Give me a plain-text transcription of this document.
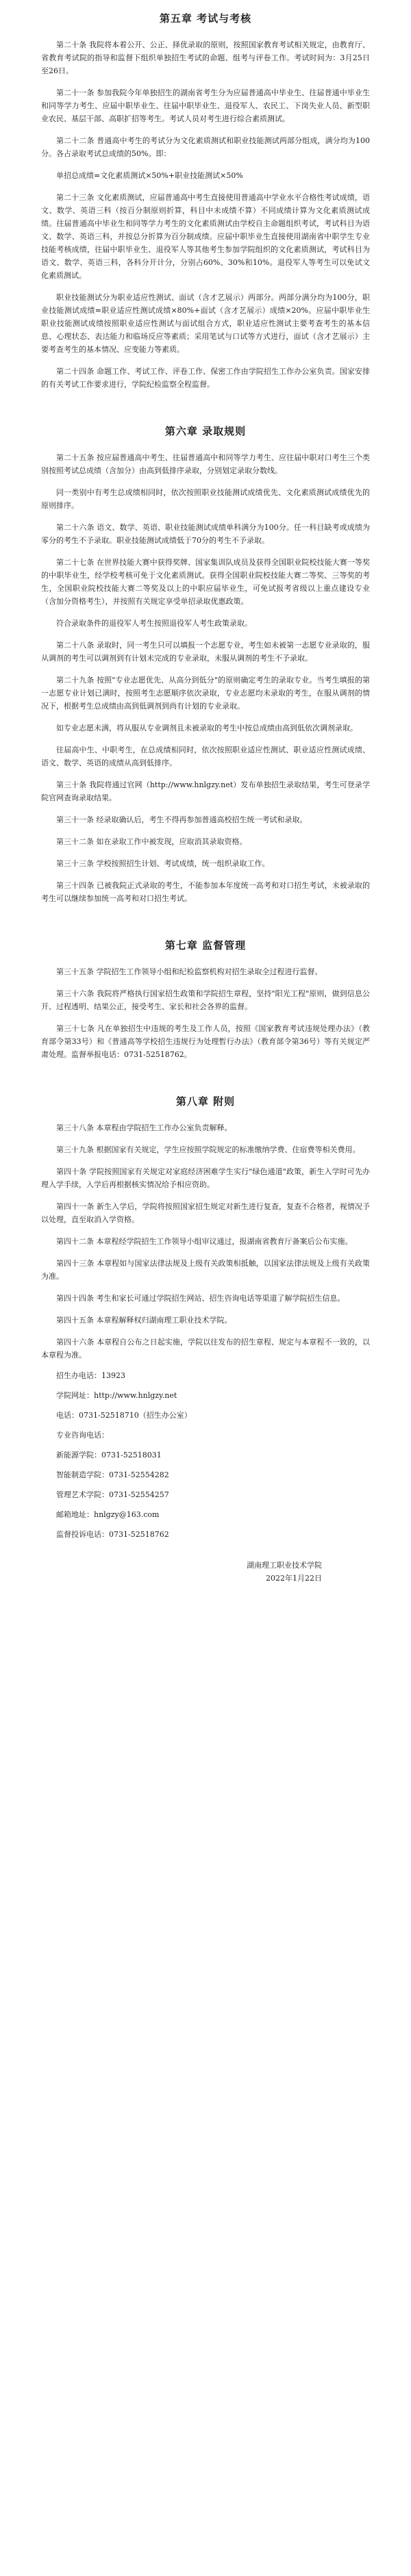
第五章 考试与考核

第二十条 我院将本着公开、公正、择优录取的原则，按照国家教育考试相关规定，由教育厅、省教育考试院的指导和监督下组织单独招生考试的命题、组考与评卷工作。考试时间为：3月25日至26日。

第二十一条 参加我院今年单独招生的湖南省考生分为应届普通高中毕业生、往届普通中毕业生和同等学力考生、应届中职毕业生、往届中职毕业生、退役军人、农民工、下岗失业人员、新型职业农民、基层干部、高职扩招等考生。考试人员对考生进行综合素质测试。

第二十二条 普通高中考生的考试分为文化素质测试和职业技能测试两部分组成，满分均为100分。各占录取考试总成绩的50%。即：

单招总成绩=文化素质测试×50%+职业技能测试×50%

第二十三条 文化素质测试，应届普通高中考生直接使用普通高中学业水平合格性考试成绩，语文、数学、英语三科（按百分制原则折算，科目中未成绩不算）不同成绩计算为文化素质测试成绩。往届普通高中毕业生和同等学力考生的文化素质测试由学校自主命题组织考试，考试科目为语文、数学、英语三科，并按总分折算为百分制成绩。应届中职毕业生直接使用湖南省中职学生专业技能考核成绩，往届中职毕业生、退役军人等其他考生参加学院组织的文化素质测试，考试科目为语文、数学、英语三科，各科分开计分，分别占60%、30%和10%。退役军人等考生可以免试文化素质测试。

职业技能测试分为职业适应性测试、面试（含才艺展示）两部分。两部分满分均为100分，职业技能测试成绩=职业适应性测试成绩×80%+面试（含才艺展示）成绩×20%。应届中职毕业生职业技能测试成绩按照职业适应性测试与面试组合方式，职业适应性测试主要考查考生的基本信息、心理状态、表达能力和临场反应等素质；采用笔试与口试等方式进行，面试（含才艺展示）主要考查考生的基本情况、应变能力等素质。

第二十四条 命题工作、考试工作、评卷工作、保密工作由学院招生工作办公室负责。国家安排的有关考试工作要求进行，学院纪检监察全程监督。

第六章 录取规则

第二十五条 按应届普通高中考生、往届普通高中和同等学力考生、应往届中职对口考生三个类别按照考试总成绩（含加分）由高到低排序录取，分别划定录取分数线。

同一类别中有考生总成绩相同时，依次按照职业技能测试成绩优先、文化素质测试成绩优先的原则排序。

第二十六条 语文、数学、英语、职业技能测试成绩单科满分为100分。任一科目缺考或成绩为零分的考生不予录取。职业技能测试成绩低于70分的考生不予录取。

第二十七条 在世界技能大赛中获得奖牌、国家集训队成员及获得全国职业院校技能大赛一等奖的中职毕业生，经学校考核可免于文化素质测试。获得全国职业院校技能大赛二等奖、三等奖的考生，全国职业院校技能大赛二等奖及以上的中职应届毕业生，可免试报考省级以上重点建设专业（含加分资格考生），并按照有关规定享受单招录取优惠政策。

符合录取条件的退役军人考生按照退役军人考生政策录取。

第二十八条 录取时，同一考生只可以填报一个志愿专业，考生如未被第一志愿专业录取的，服从调剂的考生可以调剂到有计划未完成的专业录取，未服从调剂的考生不予录取。

第二十九条 按照"专业志愿优先、从高分到低分"的原则确定考生的录取专业。当考生填报的第一志愿专业计划已满时，按照考生志愿顺序依次录取，专业志愿均未录取的考生，在服从调剂的情况下，根据考生总成绩由高到低调剂到尚有计划的专业录取。

如专业志愿未满，将从服从专业调剂且未被录取的考生中按总成绩由高到低依次调剂录取。

往届高中生、中职考生，在总成绩相同时，依次按照职业适应性测试、职业适应性测试成绩、语文、数学、英语的成绩从高到低排序。

第三十条 我院将通过官网（http://www.hnlgzy.net）发布单独招生录取结果，考生可登录学院官网查询录取结果。

第三十一条 经录取确认后，考生不得再参加普通高校招生统一考试和录取。

第三十二条 如在录取工作中被发现，应取消其录取资格。

第三十三条 学校按照招生计划、考试成绩，统一组织录取工作。

第三十四条 已被我院正式录取的考生，不能参加本年度统一高考和对口招生考试，未被录取的考生可以继续参加统一高考和对口招生考试。

第七章 监督管理

第三十五条 学院招生工作领导小组和纪检监察机构对招生录取全过程进行监督。

第三十六条 我院将严格执行国家招生政策和学院招生章程，坚持"阳光工程"原则，做到信息公开、过程透明、结果公正，接受考生、家长和社会各界的监督。

第三十七条 凡在单独招生中违规的考生及工作人员，按照《国家教育考试违规处理办法》（教育部令第33号）和《普通高等学校招生违规行为处理暂行办法》（教育部令第36号）等有关规定严肃处理。监督举报电话：0731-52518762。

第八章 附则

第三十八条 本章程由学院招生工作办公室负责解释。

第三十九条 根据国家有关规定，学生应按照学院规定的标准缴纳学费、住宿费等相关费用。

第四十条 学院按照国家有关规定对家庭经济困难学生实行"绿色通道"政策，新生入学时可先办理入学手续，入学后再根据核实情况给予相应资助。

第四十一条 新生入学后，学院将按照国家招生规定对新生进行复查，复查不合格者，视情况予以处理，直至取消入学资格。

第四十二条 本章程经学院招生工作领导小组审议通过，报湖南省教育厅备案后公布实施。

第四十三条 本章程如与国家法律法规及上级有关政策相抵触，以国家法律法规及上级有关政策为准。

第四十四条 考生和家长可通过学院招生网站、招生咨询电话等渠道了解学院招生信息。

第四十五条 本章程解释权归湖南理工职业技术学院。

第四十六条 本章程自公布之日起实施，学院以往发布的招生章程、规定与本章程不一致的，以本章程为准。

招生办电话：13923

学院网址：http://www.hnlgzy.net

电话：0731-52518710（招生办公室）

专业咨询电话：

新能源学院：0731-52518031

智能制造学院：0731-52554282

管理艺术学院：0731-52554257

邮箱地址：hnlgzy@163.com

监督投诉电话：0731-52518762

湖南理工职业技术学院
2022年1月22日
